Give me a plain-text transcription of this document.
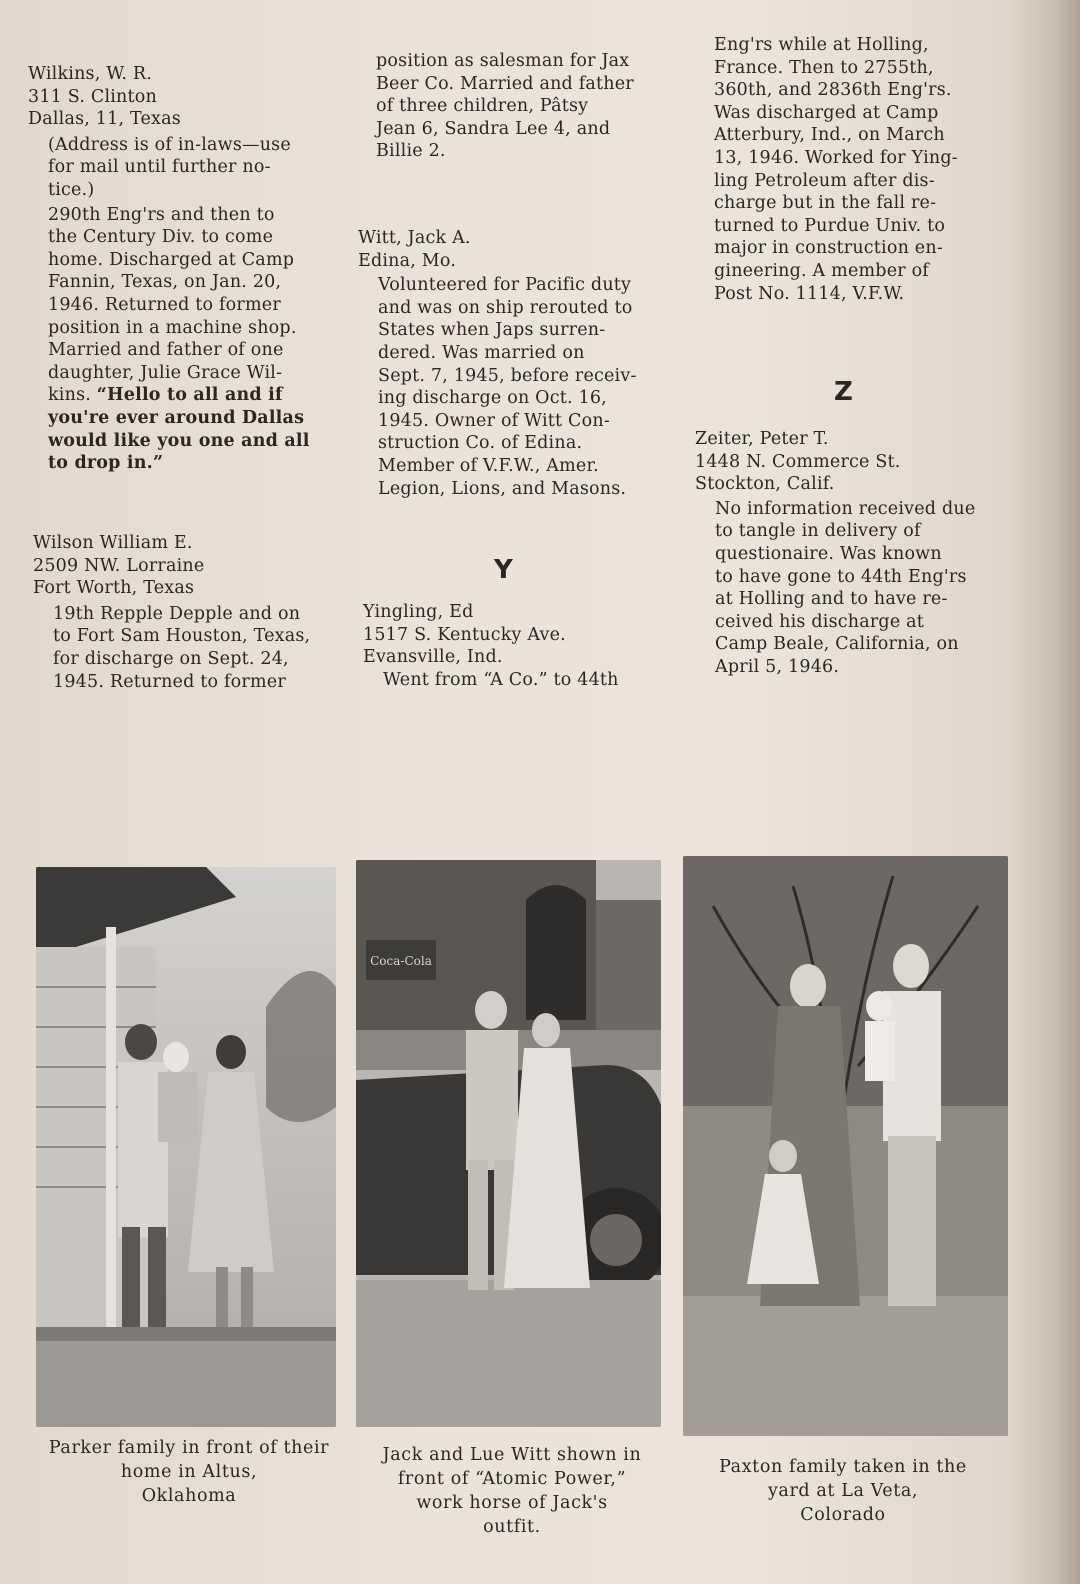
Wilkins, W. R.
311 S. Clinton
Dallas, 11, Texas
(Address is of in-laws—use
for mail until further no-
tice.)
290th Eng'rs and then to
the Century Div. to come
home. Discharged at Camp
Fannin, Texas, on Jan. 20,
1946. Returned to former
position in a machine shop.
Married and father of one
daughter, Julie Grace Wil-
kins. “Hello to all and if
you're ever around Dallas
would like you one and all
to drop in.”
Wilson William E.
2509 NW. Lorraine
Fort Worth, Texas
19th Repple Depple and on
to Fort Sam Houston, Texas,
for discharge on Sept. 24,
1945. Returned to former
position as salesman for Jax
Beer Co. Married and father
of three children, Pâtsy
Jean 6, Sandra Lee 4, and
Billie 2.
Witt, Jack A.
Edina, Mo.
Volunteered for Pacific duty
and was on ship rerouted to
States when Japs surren-
dered. Was married on
Sept. 7, 1945, before receiv-
ing discharge on Oct. 16,
1945. Owner of Witt Con-
struction Co. of Edina.
Member of V.F.W., Amer.
Legion, Lions, and Masons.
Y
Yingling, Ed
1517 S. Kentucky Ave.
Evansville, Ind.
Went from “A Co.” to 44th
Eng'rs while at Holling,
France. Then to 2755th,
360th, and 2836th Eng'rs.
Was discharged at Camp
Atterbury, Ind., on March
13, 1946. Worked for Ying-
ling Petroleum after dis-
charge but in the fall re-
turned to Purdue Univ. to
major in construction en-
gineering. A member of
Post No. 1114, V.F.W.
Z
Zeiter, Peter T.
1448 N. Commerce St.
Stockton, Calif.
No information received due
to tangle in delivery of
questionaire. Was known
to have gone to 44th Eng'rs
at Holling and to have re-
ceived his discharge at
Camp Beale, California, on
April 5, 1946.
Coca-Cola
Parker family in front of their
home in Altus,
Oklahoma
Jack and Lue Witt shown in
front of “Atomic Power,”
work horse of Jack's
outfit.
Paxton family taken in the
yard at La Veta,
Colorado
